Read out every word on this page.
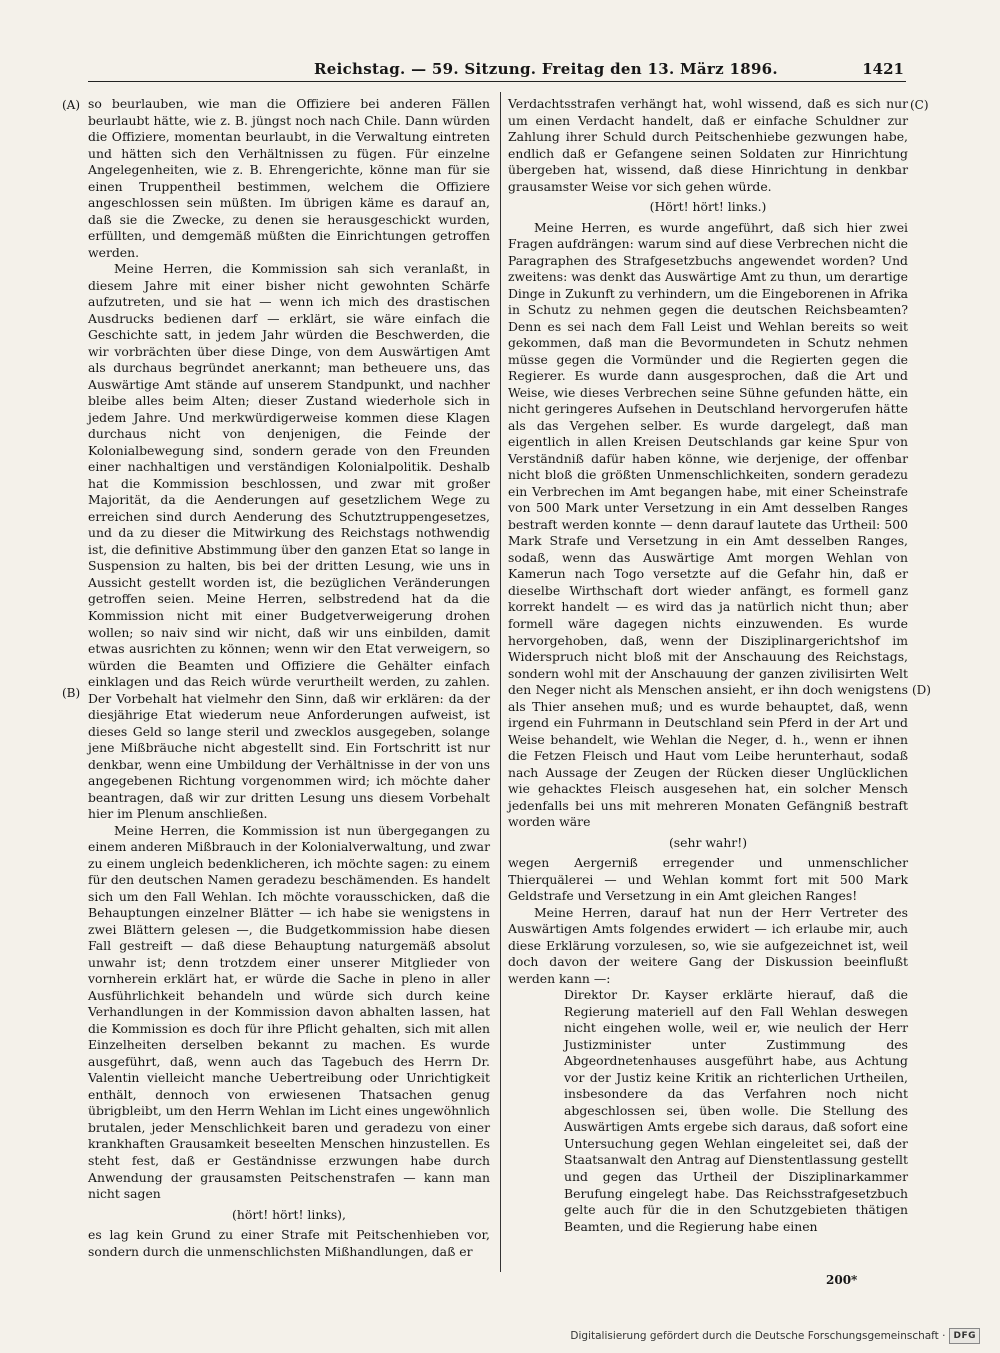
Reichstag. — 59. Sitzung. Freitag den 13. März 1896.	1421
(A)
(B)
(C)
(D)

so beurlauben, wie man die Offiziere bei anderen Fällen beurlaubt hätte, wie z. B. jüngst noch nach Chile. Dann würden die Offiziere, momentan beurlaubt, in die Verwaltung eintreten und hätten sich den Verhältnissen zu fügen. Für einzelne Angelegenheiten, wie z. B. Ehrengerichte, könne man für sie einen Truppentheil bestimmen, welchem die Offiziere angeschlossen sein müßten. Im übrigen käme es darauf an, daß sie die Zwecke, zu denen sie herausgeschickt wurden, erfüllten, und demgemäß müßten die Einrichtungen getroffen werden.

Meine Herren, die Kommission sah sich veranlaßt, in diesem Jahre mit einer bisher nicht gewohnten Schärfe aufzutreten, und sie hat — wenn ich mich des drastischen Ausdrucks bedienen darf — erklärt, sie wäre einfach die Geschichte satt, in jedem Jahr würden die Beschwerden, die wir vorbrächten über diese Dinge, von dem Auswärtigen Amt als durchaus begründet anerkannt; man betheuere uns, das Auswärtige Amt stände auf unserem Standpunkt, und nachher bleibe alles beim Alten; dieser Zustand wiederhole sich in jedem Jahre. Und merkwürdigerweise kommen diese Klagen durchaus nicht von denjenigen, die Feinde der Kolonialbewegung sind, sondern gerade von den Freunden einer nachhaltigen und verständigen Kolonialpolitik. Deshalb hat die Kommission beschlossen, und zwar mit großer Majorität, da die Aenderungen auf gesetzlichem Wege zu erreichen sind durch Aenderung des Schutztruppengesetzes, und da zu dieser die Mitwirkung des Reichstags nothwendig ist, die definitive Abstimmung über den ganzen Etat so lange in Suspension zu halten, bis bei der dritten Lesung, wie uns in Aussicht gestellt worden ist, die bezüglichen Veränderungen getroffen seien. Meine Herren, selbstredend hat da die Kommission nicht mit einer Budgetverweigerung drohen wollen; so naiv sind wir nicht, daß wir uns einbilden, damit etwas ausrichten zu können; wenn wir den Etat verweigern, so würden die Beamten und Offiziere die Gehälter einfach einklagen und das Reich würde verurtheilt werden, zu zahlen. Der Vorbehalt hat vielmehr den Sinn, daß wir erklären: da der diesjährige Etat wiederum neue Anforderungen aufweist, ist dieses Geld so lange steril und zwecklos ausgegeben, solange jene Mißbräuche nicht abgestellt sind. Ein Fortschritt ist nur denkbar, wenn eine Umbildung der Verhältnisse in der von uns angegebenen Richtung vorgenommen wird; ich möchte daher beantragen, daß wir zur dritten Lesung uns diesem Vorbehalt hier im Plenum anschließen.

Meine Herren, die Kommission ist nun übergegangen zu einem anderen Mißbrauch in der Kolonialverwaltung, und zwar zu einem ungleich bedenklicheren, ich möchte sagen: zu einem für den deutschen Namen geradezu beschämenden. Es handelt sich um den Fall Wehlan. Ich möchte vorausschicken, daß die Behauptungen einzelner Blätter — ich habe sie wenigstens in zwei Blättern gelesen —, die Budgetkommission habe diesen Fall gestreift — daß diese Behauptung naturgemäß absolut unwahr ist; denn trotzdem einer unserer Mitglieder von vornherein erklärt hat, er würde die Sache in pleno in aller Ausführlichkeit behandeln und würde sich durch keine Verhandlungen in der Kommission davon abhalten lassen, hat die Kommission es doch für ihre Pflicht gehalten, sich mit allen Einzelheiten derselben bekannt zu machen. Es wurde ausgeführt, daß, wenn auch das Tagebuch des Herrn Dr. Valentin vielleicht manche Uebertreibung oder Unrichtigkeit enthält, dennoch von erwiesenen Thatsachen genug übrigbleibt, um den Herrn Wehlan im Licht eines ungewöhnlich brutalen, jeder Menschlichkeit baren und geradezu von einer krankhaften Grausamkeit beseelten Menschen hinzustellen. Es steht fest, daß er Geständnisse erzwungen habe durch Anwendung der grausamsten Peitschenstrafen — kann man nicht sagen

(hört! hört! links),

es lag kein Grund zu einer Strafe mit Peitschenhieben vor, sondern durch die unmenschlichsten Mißhandlungen, daß er

Verdachtsstrafen verhängt hat, wohl wissend, daß es sich nur um einen Verdacht handelt, daß er einfache Schuldner zur Zahlung ihrer Schuld durch Peitschenhiebe gezwungen habe, endlich daß er Gefangene seinen Soldaten zur Hinrichtung übergeben hat, wissend, daß diese Hinrichtung in denkbar grausamster Weise vor sich gehen würde.

(Hört! hört! links.)

Meine Herren, es wurde angeführt, daß sich hier zwei Fragen aufdrängen: warum sind auf diese Verbrechen nicht die Paragraphen des Strafgesetzbuchs angewendet worden? Und zweitens: was denkt das Auswärtige Amt zu thun, um derartige Dinge in Zukunft zu verhindern, um die Eingeborenen in Afrika in Schutz zu nehmen gegen die deutschen Reichsbeamten? Denn es sei nach dem Fall Leist und Wehlan bereits so weit gekommen, daß man die Bevormundeten in Schutz nehmen müsse gegen die Vormünder und die Regierten gegen die Regierer. Es wurde dann ausgesprochen, daß die Art und Weise, wie dieses Verbrechen seine Sühne gefunden hätte, ein nicht geringeres Aufsehen in Deutschland hervorgerufen hätte als das Vergehen selber. Es wurde dargelegt, daß man eigentlich in allen Kreisen Deutschlands gar keine Spur von Verständniß dafür haben könne, wie derjenige, der offenbar nicht bloß die größten Unmenschlichkeiten, sondern geradezu ein Verbrechen im Amt begangen habe, mit einer Scheinstrafe von 500 Mark unter Versetzung in ein Amt desselben Ranges bestraft werden konnte — denn darauf lautete das Urtheil: 500 Mark Strafe und Versetzung in ein Amt desselben Ranges, sodaß, wenn das Auswärtige Amt morgen Wehlan von Kamerun nach Togo versetzte auf die Gefahr hin, daß er dieselbe Wirthschaft dort wieder anfängt, es formell ganz korrekt handelt — es wird das ja natürlich nicht thun; aber formell wäre dagegen nichts einzuwenden. Es wurde hervorgehoben, daß, wenn der Disziplinargerichtshof im Widerspruch nicht bloß mit der Anschauung des Reichstags, sondern wohl mit der Anschauung der ganzen zivilisirten Welt den Neger nicht als Menschen ansieht, er ihn doch wenigstens als Thier ansehen muß; und es wurde behauptet, daß, wenn irgend ein Fuhrmann in Deutschland sein Pferd in der Art und Weise behandelt, wie Wehlan die Neger, d. h., wenn er ihnen die Fetzen Fleisch und Haut vom Leibe herunterhaut, sodaß nach Aussage der Zeugen der Rücken dieser Unglücklichen wie gehacktes Fleisch ausgesehen hat, ein solcher Mensch jedenfalls bei uns mit mehreren Monaten Gefängniß bestraft worden wäre

(sehr wahr!)

wegen Aergerniß erregender und unmenschlicher Thierquälerei — und Wehlan kommt fort mit 500 Mark Geldstrafe und Versetzung in ein Amt gleichen Ranges!

Meine Herren, darauf hat nun der Herr Vertreter des Auswärtigen Amts folgendes erwidert — ich erlaube mir, auch diese Erklärung vorzulesen, so, wie sie aufgezeichnet ist, weil doch davon der weitere Gang der Diskussion beeinflußt werden kann —:

Direktor Dr. Kayser erklärte hierauf, daß die Regierung materiell auf den Fall Wehlan deswegen nicht eingehen wolle, weil er, wie neulich der Herr Justizminister unter Zustimmung des Abgeordnetenhauses ausgeführt habe, aus Achtung vor der Justiz keine Kritik an richterlichen Urtheilen, insbesondere da das Verfahren noch nicht abgeschlossen sei, üben wolle. Die Stellung des Auswärtigen Amts ergebe sich daraus, daß sofort eine Untersuchung gegen Wehlan eingeleitet sei, daß der Staatsanwalt den Antrag auf Dienstentlassung gestellt und gegen das Urtheil der Disziplinarkammer Berufung eingelegt habe. Das Reichsstrafgesetzbuch gelte auch für die in den Schutzgebieten thätigen Beamten, und die Regierung habe einen

200*
Digitalisierung gefördert durch die Deutsche Forschungsgemeinschaft · DFG
